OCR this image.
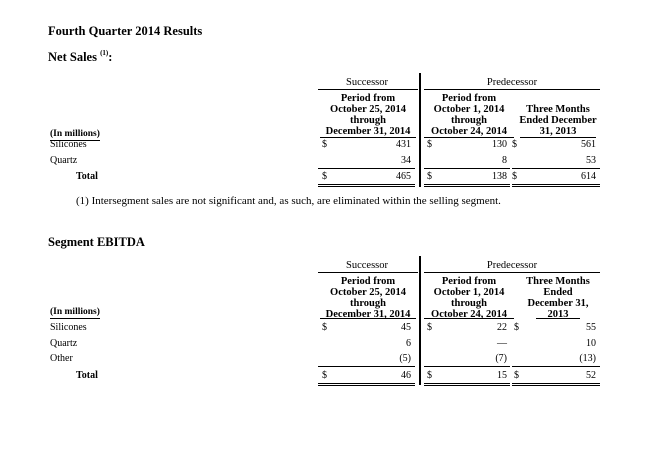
Fourth Quarter 2014 Results
Net Sales $^{(1)}$:
Successor	Predecessor
Period from
October 25, 2014
through
December 31, 2014
Period from
October 1, 2014
through
October 24, 2014
Three Months
Ended December
31, 2013
(In millions)
Silicones	$	431 $	130 $	561
Quartz	34	8	53
Total	$	465 $	138 $	614
(1) Intersegment sales are not significant and, as such, are eliminated within the selling segment.
Segment EBITDA
Successor	Predecessor
Period from
October 25, 2014
through
December 31, 2014
Period from
October 1, 2014
through
October 24, 2014
Three Months
Ended
December 31,
2013
(In millions)
Silicones	$	45 $	22 $	55
Quartz	6	—	10
Other	(5)	(7)	(13)
Total	$	46 $	15 $	52
